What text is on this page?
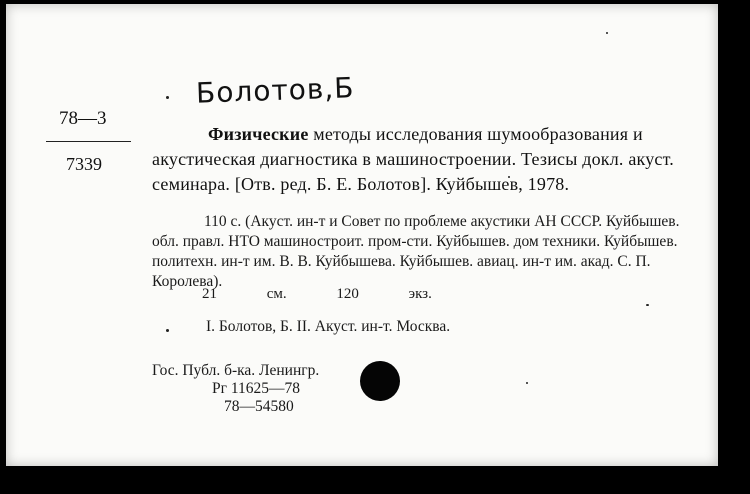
Болотов,Б
78—3
7339
Физические методы исследования шумообразования и акустическая диагностика в машиностроении. Тезисы докл. акуст. семинара. [Отв. ред. Б. Е. Болотов]. Куйбышев, 1978.
110 с. (Акуст. ин-т и Совет по проблеме акустики АН СССР. Куйбышев. обл. правл. НТО машиностроит. пром-сти. Куйбышев. дом техники. Куйбышев. политехн. ин-т им. В. В. Куйбышева. Куйбышев. авиац. ин-т им. акад. С. П. Королева).
21 см. 120 экз.
I. Болотов, Б. II. Акуст. ин-т. Москва.
Гос. Публ. б-ка. Ленингр.
Рг 11625—78
78—54580
